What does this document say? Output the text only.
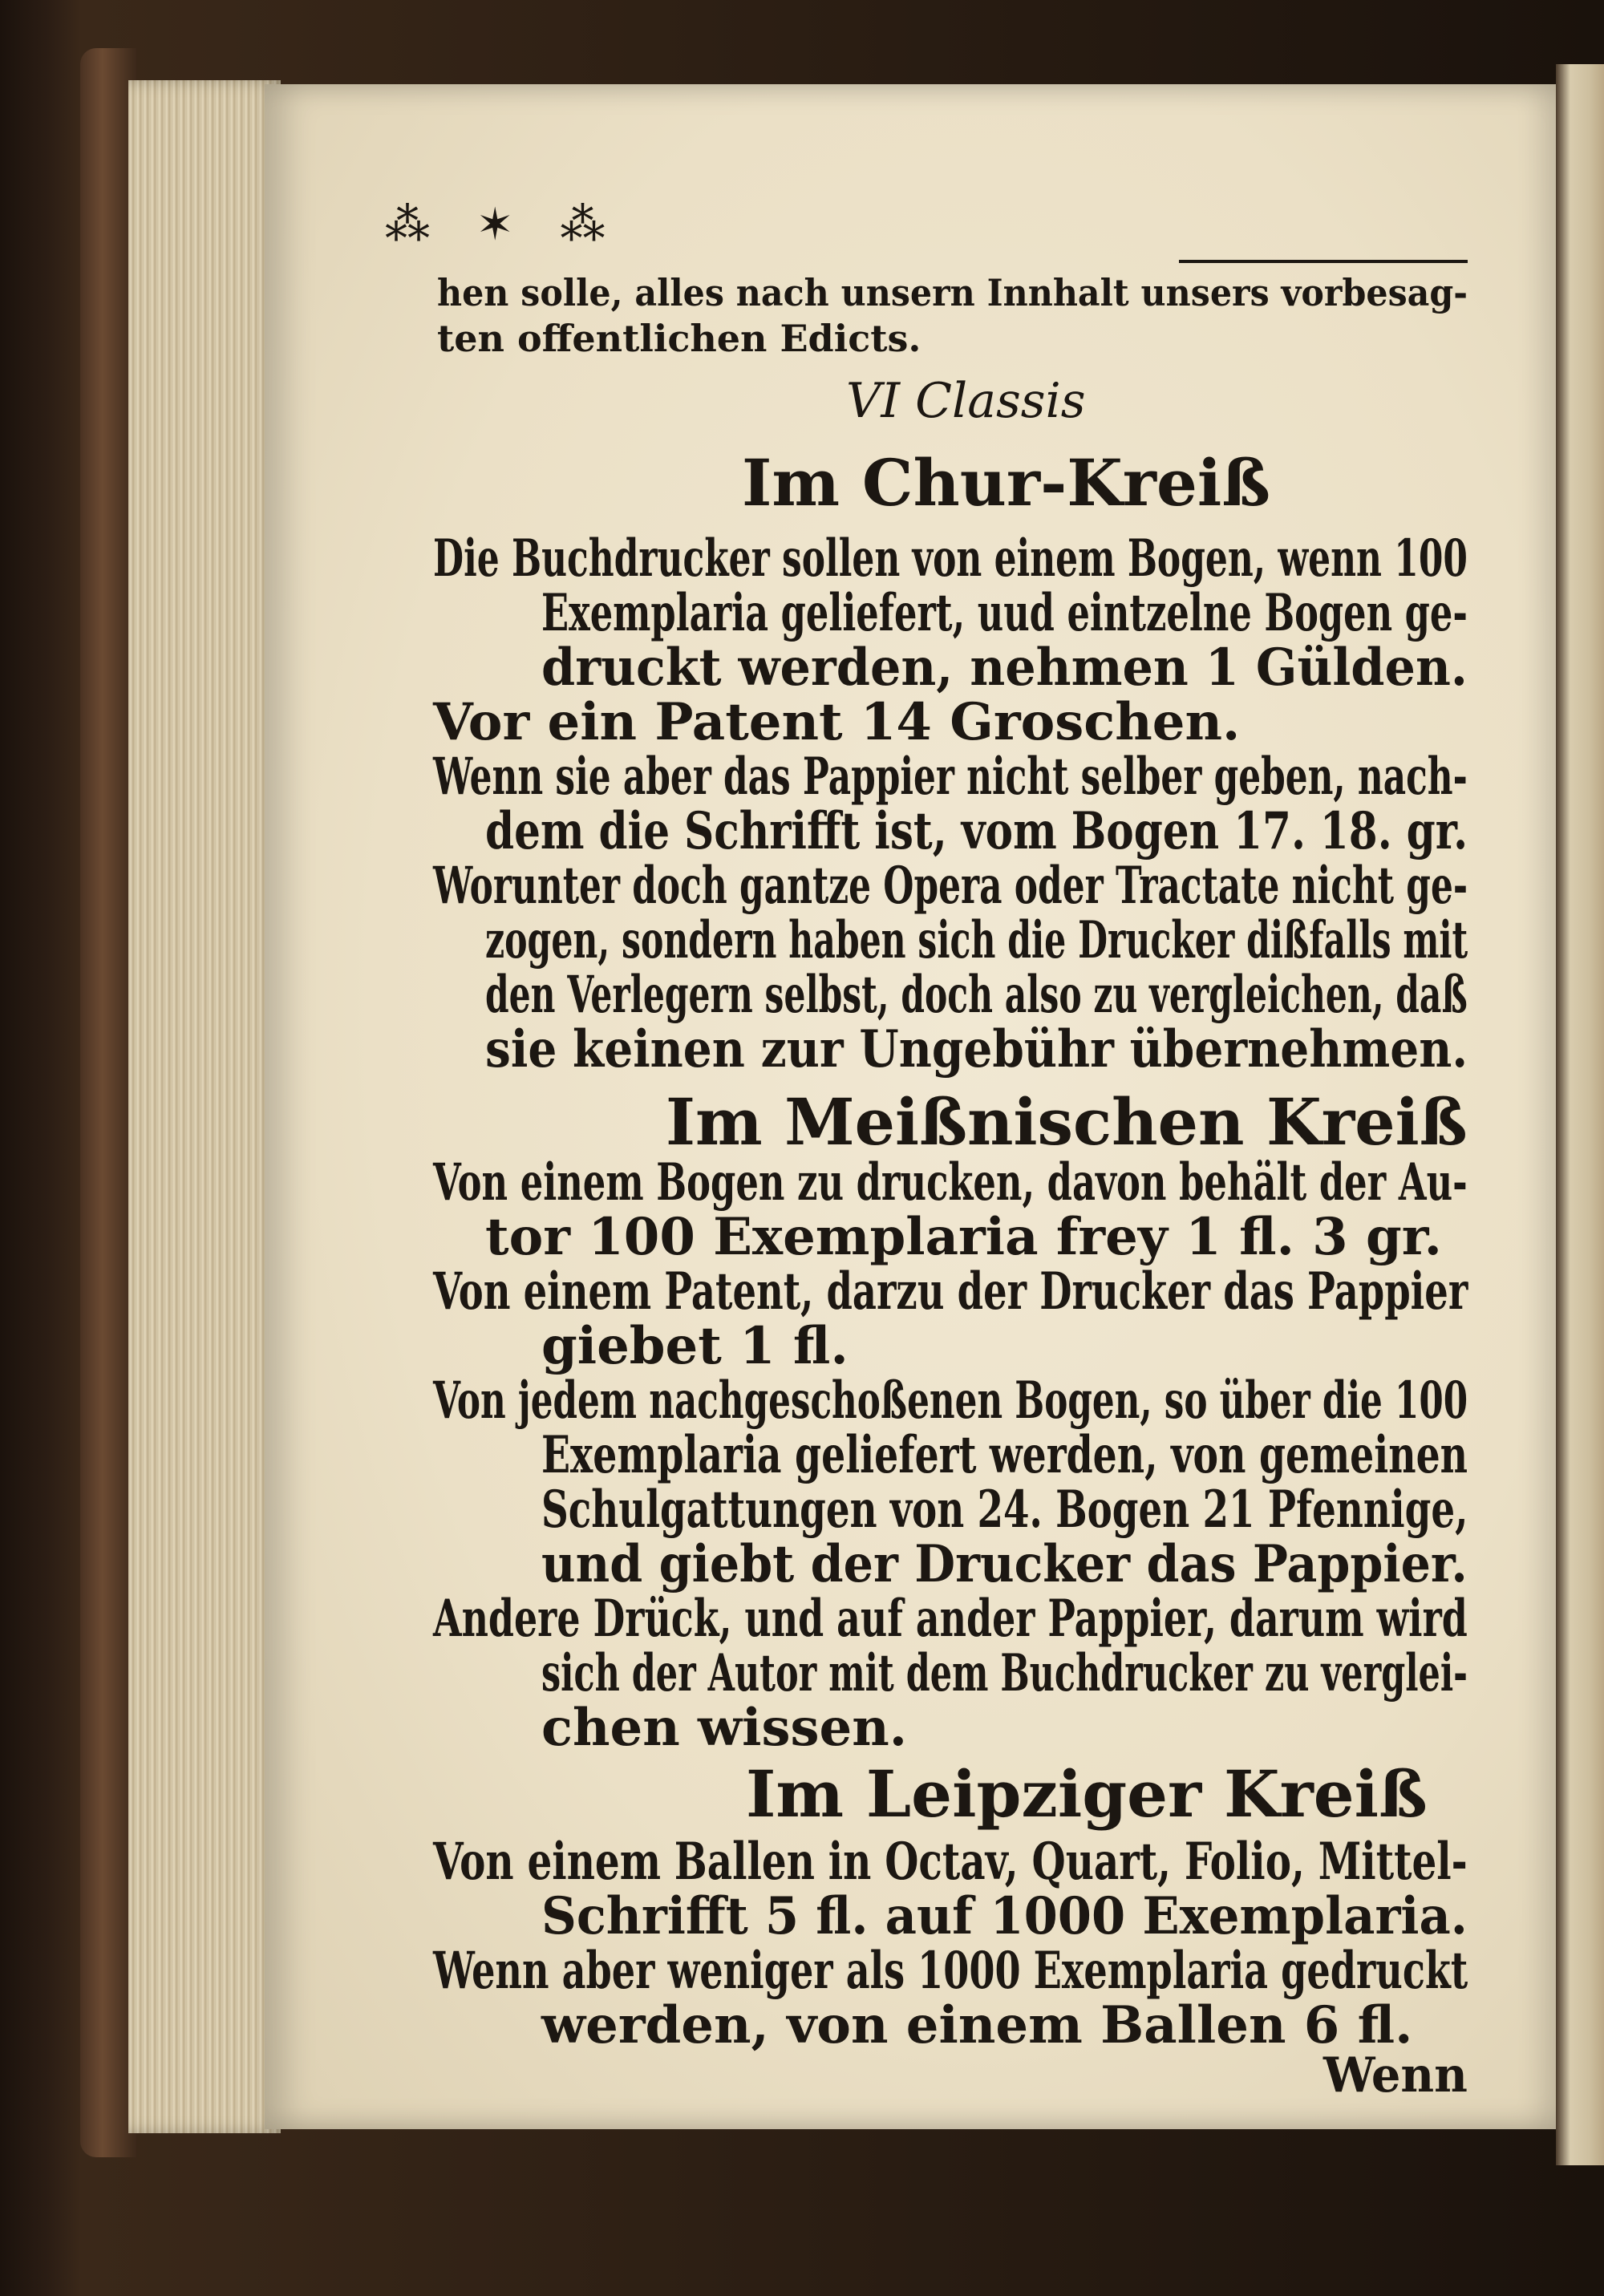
⁂ ✶ ⁂
hen solle, alles nach unsern Innhalt unsers vorbesag-
ten offentlichen Edicts.
VI Classis
Im Chur-Kreiß
Die Buchdrucker sollen von einem Bogen, wenn 100
Exemplaria geliefert, uud eintzelne Bogen ge-
druckt werden, nehmen 1 Gülden.
Vor ein Patent 14 Groschen.
Wenn sie aber das Pappier nicht selber geben, nach-
dem die Schrifft ist, vom Bogen 17. 18. gr.
Worunter doch gantze Opera oder Tractate nicht ge-
zogen, sondern haben sich die Drucker dißfalls mit
den Verlegern selbst, doch also zu vergleichen, daß
sie keinen zur Ungebühr übernehmen.
Im Meißnischen Kreiß
Von einem Bogen zu drucken, davon behält der Au-
tor 100 Exemplaria frey 1 fl. 3 gr.
Von einem Patent, darzu der Drucker das Pappier
giebet 1 fl.
Von jedem nachgeschoßenen Bogen, so über die 100
Exemplaria geliefert werden, von gemeinen
Schulgattungen von 24. Bogen 21 Pfennige,
und giebt der Drucker das Pappier.
Andere Drück, und auf ander Pappier, darum wird
sich der Autor mit dem Buchdrucker zu verglei-
chen wissen.
Im Leipziger Kreiß
Von einem Ballen in Octav, Quart, Folio, Mittel-
Schrifft 5 fl. auf 1000 Exemplaria.
Wenn aber weniger als 1000 Exemplaria gedruckt
werden, von einem Ballen 6 fl.
Wenn
